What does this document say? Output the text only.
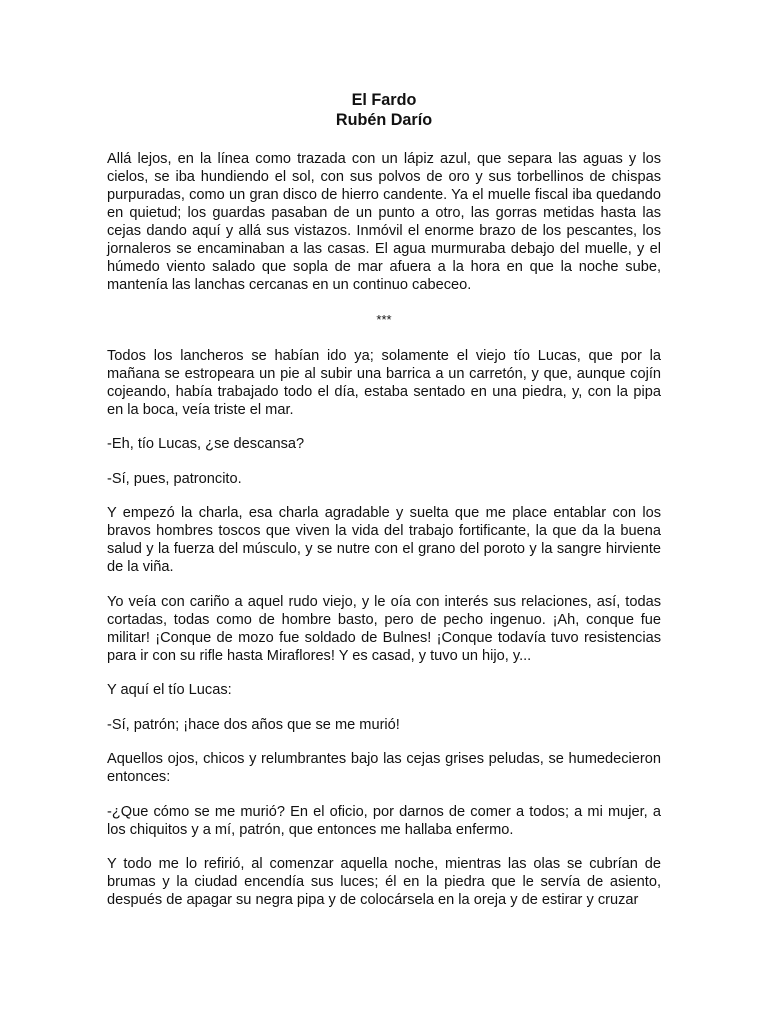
El Fardo
Rubén Darío

Allá lejos, en la línea como trazada con un lápiz azul, que separa las aguas y los cielos, se iba hundiendo el sol, con sus polvos de oro y sus torbellinos de chispas purpuradas, como un gran disco de hierro candente. Ya el muelle fiscal iba quedando en quietud; los guardas pasaban de un punto a otro, las gorras metidas hasta las cejas dando aquí y allá sus vistazos. Inmóvil el enorme brazo de los pescantes, los jornaleros se encaminaban a las casas. El agua murmuraba debajo del muelle, y el húmedo viento salado que sopla de mar afuera a la hora en que la noche sube, mantenía las lanchas cercanas en un continuo cabeceo.

***

Todos los lancheros se habían ido ya; solamente el viejo tío Lucas, que por la mañana se estropeara un pie al subir una barrica a un carretón, y que, aunque cojín cojeando, había trabajado todo el día, estaba sentado en una piedra, y, con la pipa en la boca, veía triste el mar.

-Eh, tío Lucas, ¿se descansa?

-Sí, pues, patroncito.

Y empezó la charla, esa charla agradable y suelta que me place entablar con los bravos hombres toscos que viven la vida del trabajo fortificante, la que da la buena salud y la fuerza del músculo, y se nutre con el grano del poroto y la sangre hirviente de la viña.

Yo veía con cariño a aquel rudo viejo, y le oía con interés sus relaciones, así, todas cortadas, todas como de hombre basto, pero de pecho ingenuo. ¡Ah, conque fue militar! ¡Conque de mozo fue soldado de Bulnes! ¡Conque todavía tuvo resistencias para ir con su rifle hasta Miraflores! Y es casad, y tuvo un hijo, y...

Y aquí el tío Lucas:

-Sí, patrón; ¡hace dos años que se me murió!

Aquellos ojos, chicos y relumbrantes bajo las cejas grises peludas, se humedecieron entonces:

-¿Que cómo se me murió? En el oficio, por darnos de comer a todos; a mi mujer, a los chiquitos y a mí, patrón, que entonces me hallaba enfermo.

Y todo me lo refirió, al comenzar aquella noche, mientras las olas se cubrían de brumas y la ciudad encendía sus luces; él en la piedra que le servía de asiento, después de apagar su negra pipa y de colocársela en la oreja y de estirar y cruzar
